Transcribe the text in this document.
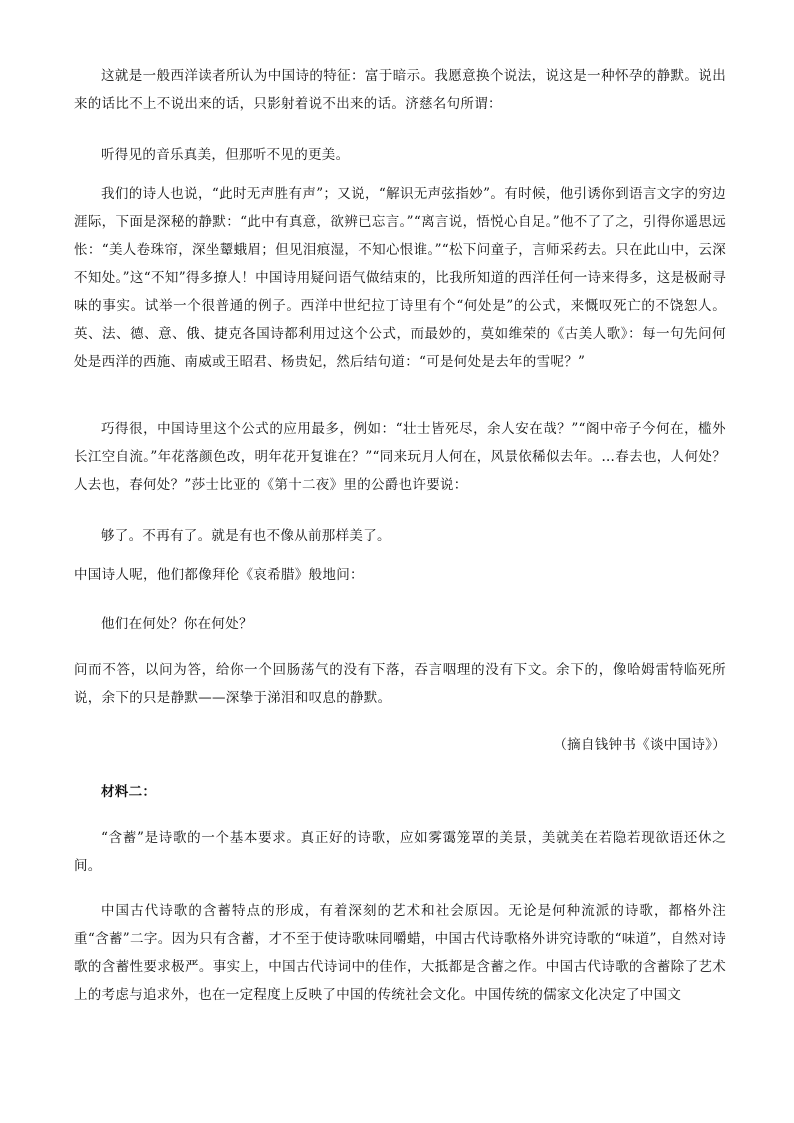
这就是一般西洋读者所认为中国诗的特征：富于暗示。我愿意换个说法，说这是一种怀孕的静默。说出来的话比不上不说出来的话，只影射着说不出来的话。济慈名句所谓：

听得见的音乐真美，但那听不见的更美。

我们的诗人也说，“此时无声胜有声”；又说，“解识无声弦指妙”。有时候，他引诱你到语言文字的穷边涯际，下面是深秘的静默：“此中有真意，欲辨已忘言。”“离言说，悟悦心自足。”他不了了之，引得你遥思远怅：“美人卷珠帘，深坐颦蛾眉；但见泪痕湿，不知心恨谁。”“松下问童子，言师采药去。只在此山中，云深不知处。”这“不知”得多撩人！中国诗用疑问语气做结束的，比我所知道的西洋任何一诗来得多，这是极耐寻味的事实。试举一个很普通的例子。西洋中世纪拉丁诗里有个“何处是”的公式，来慨叹死亡的不饶恕人。英、法、德、意、俄、捷克各国诗都利用过这个公式，而最妙的，莫如维荣的《古美人歌》：每一句先问何处是西洋的西施、南威或王昭君、杨贵妃，然后结句道：“可是何处是去年的雪呢？”

巧得很，中国诗里这个公式的应用最多，例如：“壮士皆死尽，余人安在哉？”“阁中帝子今何在，槛外长江空自流。”年花落颜色改，明年花开复谁在？”“同来玩月人何在，风景依稀似去年。…春去也，人何处？人去也，春何处？”莎士比亚的《第十二夜》里的公爵也许要说：

够了。不再有了。就是有也不像从前那样美了。

中国诗人呢，他们都像拜伦《哀希腊》般地问：

他们在何处？你在何处？

问而不答，以问为答，给你一个回肠荡气的没有下落，吞言咽理的没有下文。余下的，像哈姆雷特临死所说，余下的只是静默——深挚于涕泪和叹息的静默。

（摘自钱钟书《谈中国诗》）

材料二：

“含蓄”是诗歌的一个基本要求。真正好的诗歌，应如雾霭笼罩的美景，美就美在若隐若现欲语还休之间。

中国古代诗歌的含蓄特点的形成，有着深刻的艺术和社会原因。无论是何种流派的诗歌，都格外注重“含蓄”二字。因为只有含蓄，才不至于使诗歌味同嚼蜡，中国古代诗歌格外讲究诗歌的“味道”，自然对诗歌的含蓄性要求极严。事实上，中国古代诗词中的佳作，大抵都是含蓄之作。中国古代诗歌的含蓄除了艺术上的考虑与追求外，也在一定程度上反映了中国的传统社会文化。中国传统的儒家文化决定了中国文
